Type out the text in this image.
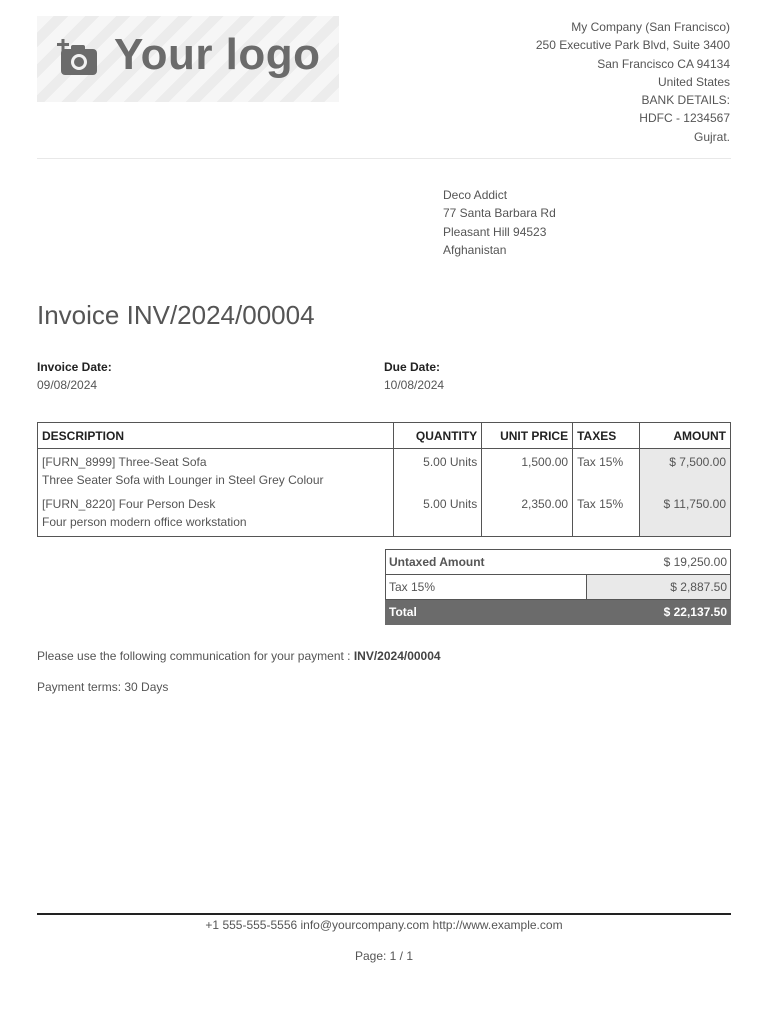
Your logo
My Company (San Francisco)
250 Executive Park Blvd, Suite 3400
San Francisco CA 94134
United States
BANK DETAILS:
HDFC - 1234567
Gujrat.
Deco Addict
77 Santa Barbara Rd
Pleasant Hill 94523
Afghanistan
Invoice INV/2024/00004
Invoice Date:
09/08/2024
Due Date:
10/08/2024
DESCRIPTION	QUANTITY	UNIT PRICE	TAXES	AMOUNT

[FURN_8999] Three-Seat Sofa
Three Seater Sofa with Lounger in Steel Grey Colour	5.00 Units	1,500.00	Tax 15%	$ 7,500.00

[FURN_8220] Four Person Desk
Four person modern office workstation	5.00 Units	2,350.00	Tax 15%	$ 11,750.00
Untaxed Amount	$ 19,250.00
Tax 15%	$ 2,887.50
Total	$ 22,137.50
Please use the following communication for your payment : INV/2024/00004
Payment terms: 30 Days
+1 555-555-5556 info@yourcompany.com http://www.example.com
Page: 1 / 1
